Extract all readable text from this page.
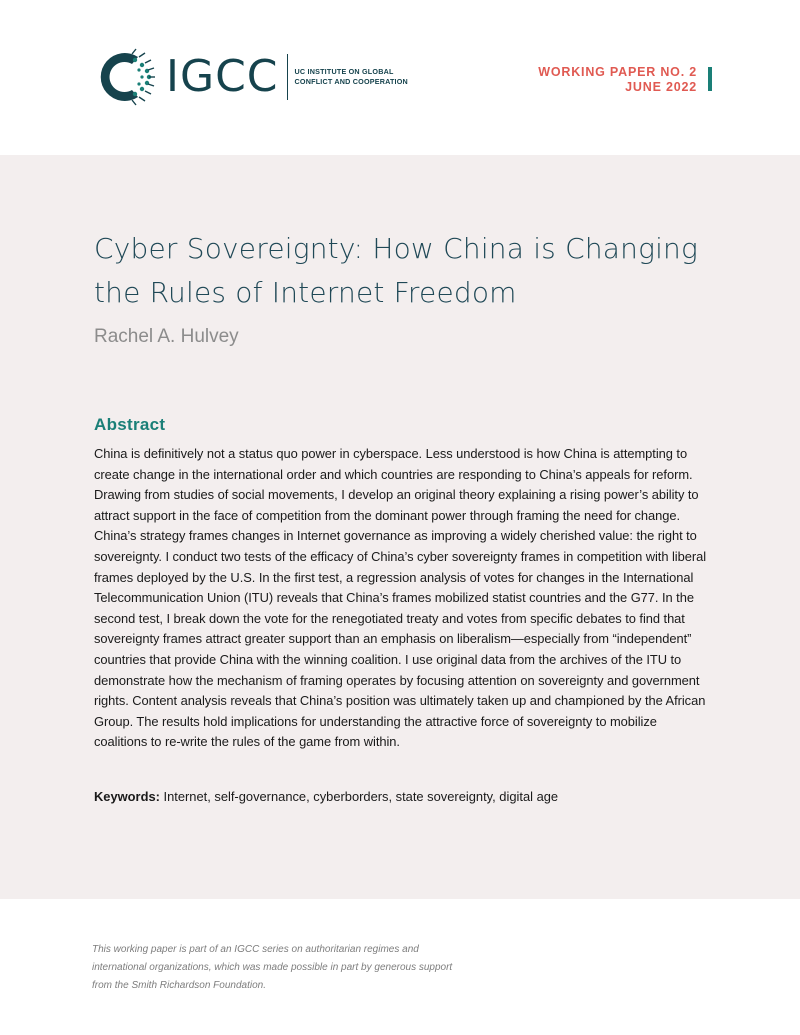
IGCC UC INSTITUTE ON GLOBAL
CONFLICT AND COOPERATION
WORKING PAPER NO. 2
JUNE 2022
Cyber Sovereignty: How China is Changing the Rules of Internet Freedom

Rachel A. Hulvey

Abstract

China is definitively not a status quo power in cyberspace. Less understood is how China is attempting to create change in the international order and which countries are responding to China’s appeals for reform. Drawing from studies of social movements, I develop an original theory explaining a rising power’s ability to attract support in the face of competition from the dominant power through framing the need for change. China’s strategy frames changes in Internet governance as improving a widely cherished value: the right to sovereignty. I conduct two tests of the efficacy of China’s cyber sovereignty frames in competition with liberal frames deployed by the U.S. In the first test, a regression analysis of votes for changes in the International Telecommunication Union (ITU) reveals that China’s frames mobilized statist countries and the G77. In the second test, I break down the vote for the renegotiated treaty and votes from specific debates to find that sovereignty frames attract greater support than an emphasis on liberalism—especially from “independent” countries that provide China with the winning coalition. I use original data from the archives of the ITU to demonstrate how the mechanism of framing operates by focusing attention on sovereignty and government rights. Content analysis reveals that China’s position was ultimately taken up and championed by the African Group. The results hold implications for understanding the attractive force of sovereignty to mobilize coalitions to re-write the rules of the game from within.

Keywords: Internet, self-governance, cyberborders, state sovereignty, digital age

This working paper is part of an IGCC series on authoritarian regimes and international organizations, which was made possible in part by generous support from the Smith Richardson Foundation.
